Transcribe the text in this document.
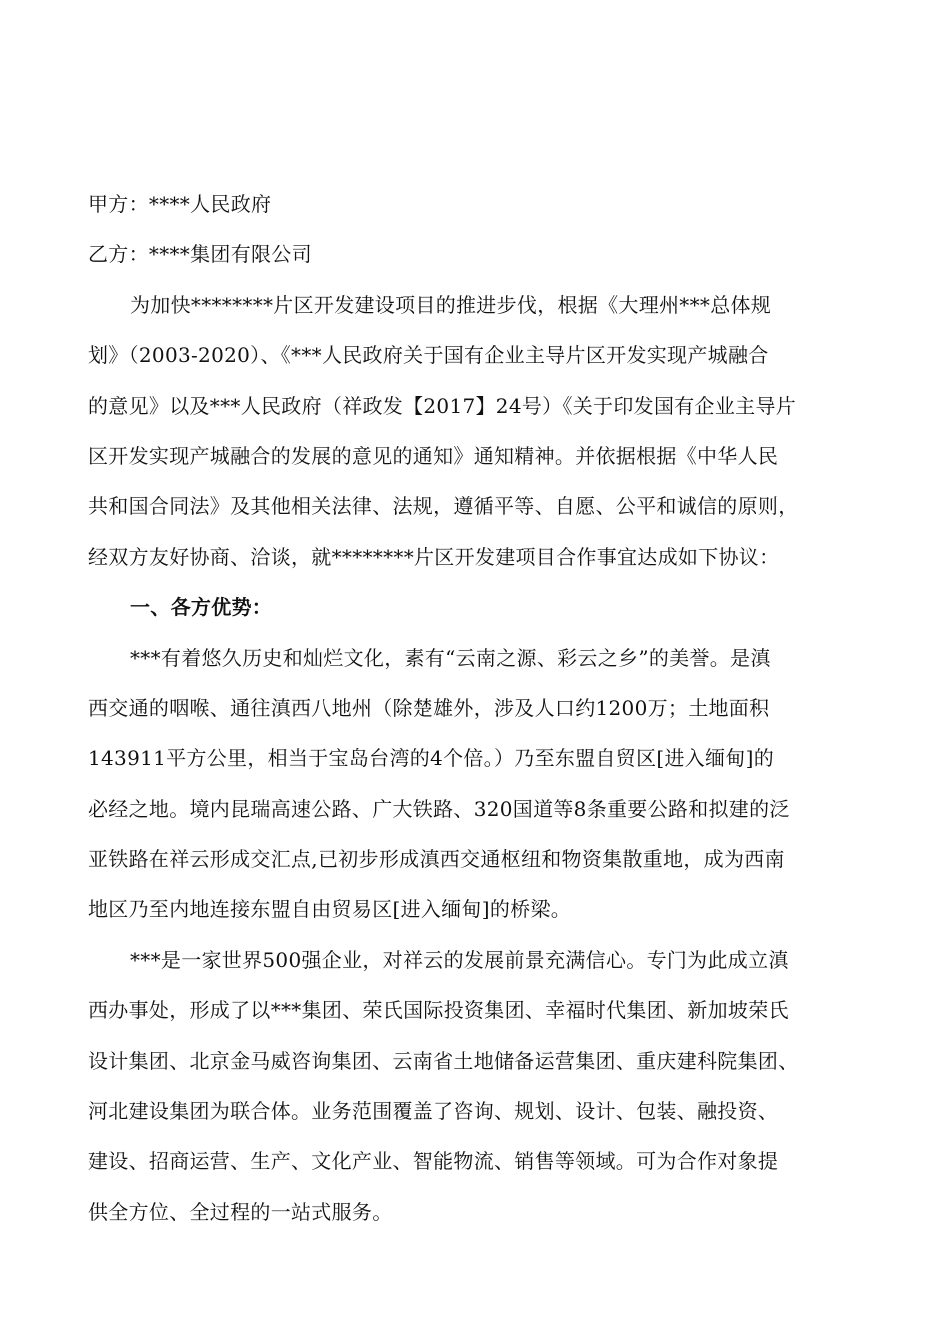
甲方：****人民政府
乙方：****集团有限公司
为加快********片区开发建设项目的推进步伐，根据《大理州***总体规
划》（2003-2020）、《***人民政府关于国有企业主导片区开发实现产城融合
的意见》以及***人民政府（祥政发【2017】24号）《关于印发国有企业主导片
区开发实现产城融合的发展的意见的通知》通知精神。并依据根据《中华人民
共和国合同法》及其他相关法律、法规，遵循平等、自愿、公平和诚信的原则，
经双方友好协商、洽谈，就********片区开发建项目合作事宜达成如下协议：
一、各方优势：
***有着悠久历史和灿烂文化，素有“云南之源、彩云之乡”的美誉。是滇
西交通的咽喉、通往滇西八地州（除楚雄外，涉及人口约1200万；土地面积
143911平方公里，相当于宝岛台湾的4个倍。）乃至东盟自贸区[进入缅甸]的
必经之地。境内昆瑞高速公路、广大铁路、320国道等8条重要公路和拟建的泛
亚铁路在祥云形成交汇点,已初步形成滇西交通枢纽和物资集散重地，成为西南
地区乃至内地连接东盟自由贸易区[进入缅甸]的桥梁。
***是一家世界500强企业，对祥云的发展前景充满信心。专门为此成立滇
西办事处，形成了以***集团、荣氏国际投资集团、幸福时代集团、新加坡荣氏
设计集团、北京金马威咨询集团、云南省土地储备运营集团、重庆建科院集团、
河北建设集团为联合体。业务范围覆盖了咨询、规划、设计、包装、融投资、
建设、招商运营、生产、文化产业、智能物流、销售等领域。可为合作对象提
供全方位、全过程的一站式服务。
